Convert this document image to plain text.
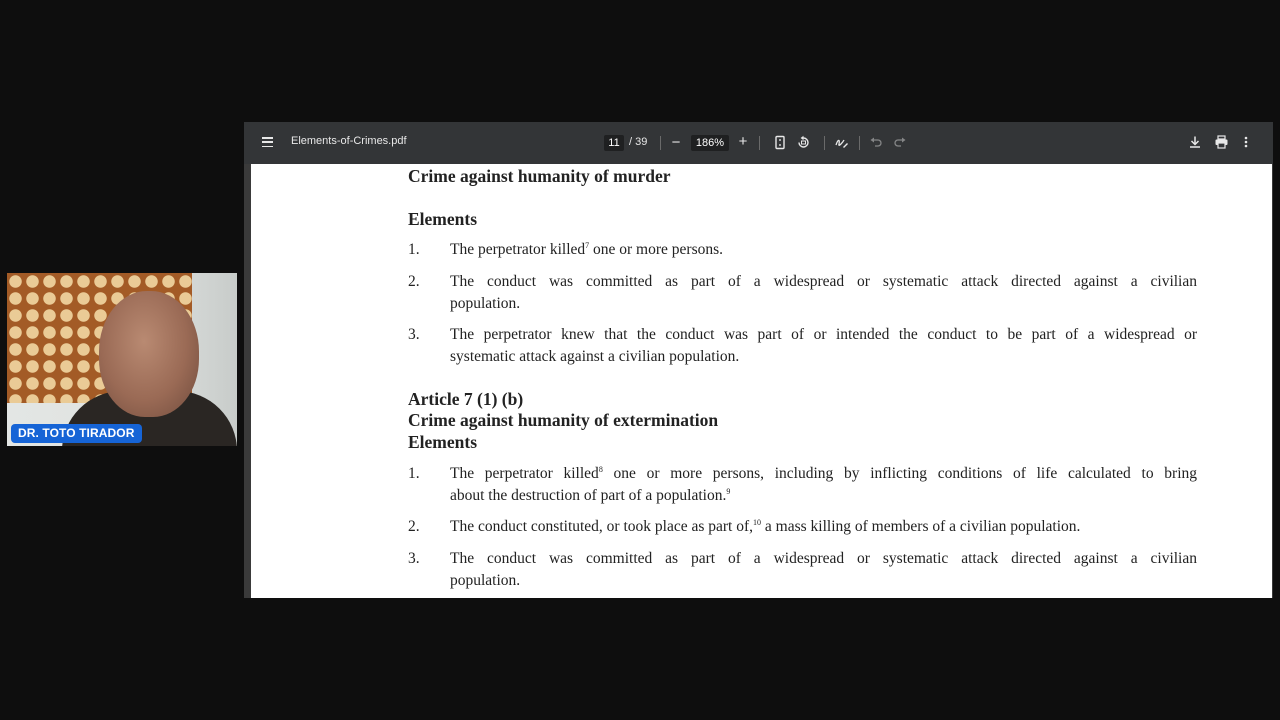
DR. TOTO TIRADOR
Elements-of-Crimes.pdf	11 / 39 −	186% +
Crime against humanity of murder
Elements
1. The perpetrator killed$^7$ one or more persons.
2. The conduct was committed as part of a widespread or systematic attack directed against a civilian
population.
3. The perpetrator knew that the conduct was part of or intended the conduct to be part of a widespread or
systematic attack against a civilian population.
Article 7 (1) (b)
Crime against humanity of extermination
Elements
1. The perpetrator killed$^8$ one or more persons, including by inflicting conditions of life calculated to bring
about the destruction of part of a population.$^9$
2. The conduct constituted, or took place as part of,$^{10}$ a mass killing of members of a civilian population.
3. The conduct was committed as part of a widespread or systematic attack directed against a civilian
population.
